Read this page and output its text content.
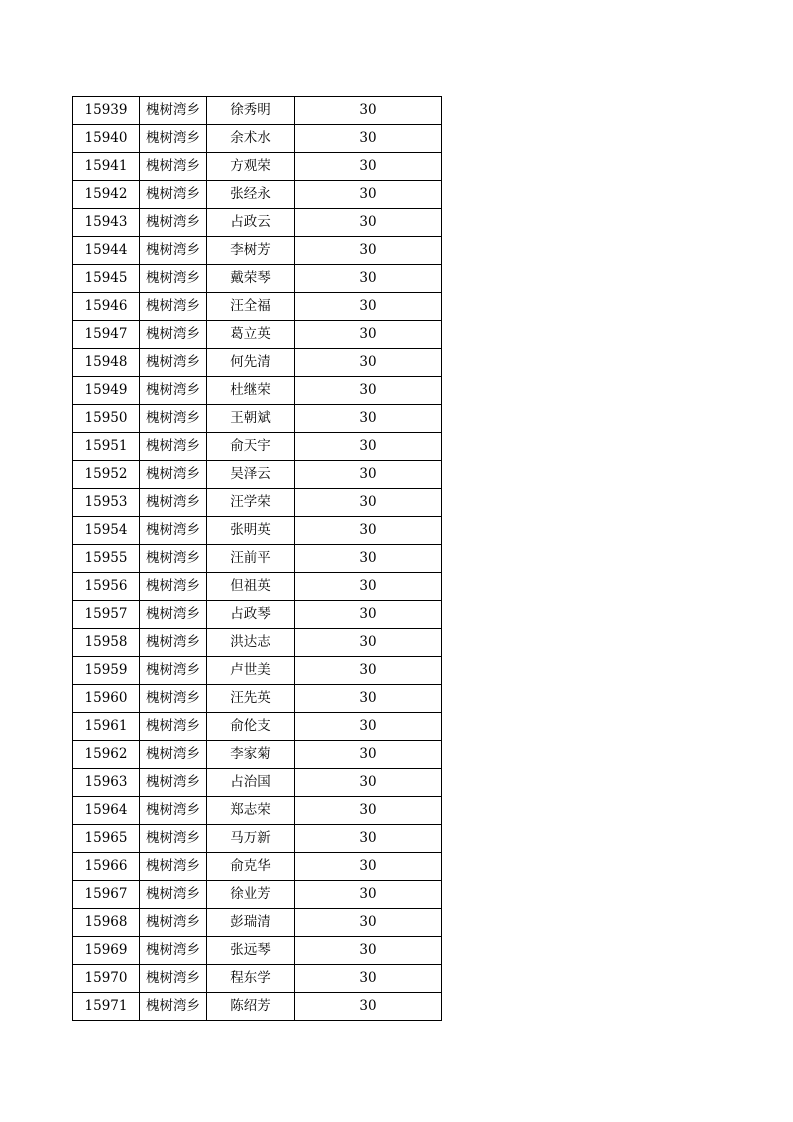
15939	槐树湾乡	徐秀明	30
15940	槐树湾乡	余术水	30
15941	槐树湾乡	方观荣	30
15942	槐树湾乡	张经永	30
15943	槐树湾乡	占政云	30
15944	槐树湾乡	李树芳	30
15945	槐树湾乡	戴荣琴	30
15946	槐树湾乡	汪全福	30
15947	槐树湾乡	葛立英	30
15948	槐树湾乡	何先清	30
15949	槐树湾乡	杜继荣	30
15950	槐树湾乡	王朝斌	30
15951	槐树湾乡	俞天宇	30
15952	槐树湾乡	吴泽云	30
15953	槐树湾乡	汪学荣	30
15954	槐树湾乡	张明英	30
15955	槐树湾乡	汪前平	30
15956	槐树湾乡	但祖英	30
15957	槐树湾乡	占政琴	30
15958	槐树湾乡	洪达志	30
15959	槐树湾乡	卢世美	30
15960	槐树湾乡	汪先英	30
15961	槐树湾乡	俞伦支	30
15962	槐树湾乡	李家菊	30
15963	槐树湾乡	占治国	30
15964	槐树湾乡	郑志荣	30
15965	槐树湾乡	马万新	30
15966	槐树湾乡	俞克华	30
15967	槐树湾乡	徐业芳	30
15968	槐树湾乡	彭瑞清	30
15969	槐树湾乡	张远琴	30
15970	槐树湾乡	程东学	30
15971	槐树湾乡	陈绍芳	30
